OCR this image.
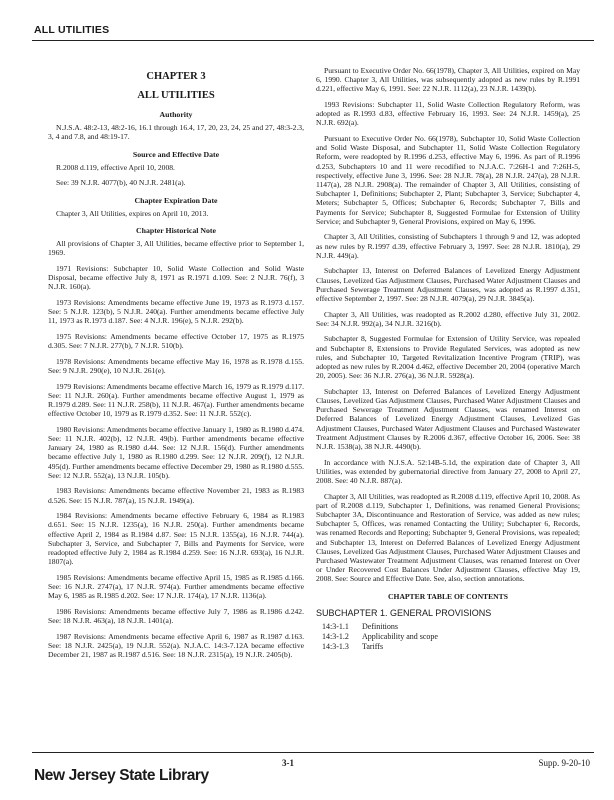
ALL UTILITIES
CHAPTER 3
ALL UTILITIES
Authority

N.J.S.A. 48:2-13, 48:2-16, 16.1 through 16.4, 17, 20, 23, 24, 25 and 27, 48:3-2.3, 3, 4 and 7.8, and 48:19-17.

Source and Effective Date

R.2008 d.119, effective April 10, 2008.

See: 39 N.J.R. 4077(b), 40 N.J.R. 2481(a).

Chapter Expiration Date

Chapter 3, All Utilities, expires on April 10, 2013.

Chapter Historical Note

All provisions of Chapter 3, All Utilities, became effective prior to September 1, 1969.

1971 Revisions: Subchapter 10, Solid Waste Collection and Solid Waste Disposal, became effective July 8, 1971 as R.1971 d.109. See: 2 N.J.R. 76(f), 3 N.J.R. 160(a).

1973 Revisions: Amendments became effective June 19, 1973 as R.1973 d.157. See: 5 N.J.R. 123(b), 5 N.J.R. 240(a). Further amendments became effective July 11, 1973 as R.1973 d.187. See: 4 N.J.R. 196(e), 5 N.J.R. 292(b).

1975 Revisions: Amendments became effective October 17, 1975 as R.1975 d.305. See: 7 N.J.R. 277(b), 7 N.J.R. 510(b).

1978 Revisions: Amendments became effective May 16, 1978 as R.1978 d.155. See: 9 N.J.R. 290(e), 10 N.J.R. 261(e).

1979 Revisions: Amendments became effective March 16, 1979 as R.1979 d.117. See: 11 N.J.R. 260(a). Further amendments became effective August 1, 1979 as R.1979 d.289. See: 11 N.J.R. 258(b), 11 N.J.R. 467(a). Further amendments became effective October 10, 1979 as R.1979 d.352. See: 11 N.J.R. 552(c).

1980 Revisions: Amendments became effective January 1, 1980 as R.1980 d.474. See: 11 N.J.R. 402(b), 12 N.J.R. 49(b). Further amendments became effective January 24, 1980 as R.1980 d.44. See: 12 N.J.R. 156(d). Further amendments became effective July 1, 1980 as R.1980 d.299. See: 12 N.J.R. 209(f), 12 N.J.R. 495(d). Further amendments became effective December 29, 1980 as R.1980 d.555. See: 12 N.J.R. 552(a), 13 N.J.R. 105(b).

1983 Revisions: Amendments became effective November 21, 1983 as R.1983 d.526. See: 15 N.J.R. 787(a), 15 N.J.R. 1949(a).

1984 Revisions: Amendments became effective February 6, 1984 as R.1983 d.651. See: 15 N.J.R. 1235(a), 16 N.J.R. 250(a). Further amendments became effective April 2, 1984 as R.1984 d.87. See: 15 N.J.R. 1355(a), 16 N.J.R. 744(a). Subchapter 3, Service, and Subchapter 7, Bills and Payments for Service, were readopted effective July 2, 1984 as R.1984 d.259. See: 16 N.J.R. 693(a), 16 N.J.R. 1807(a).

1985 Revisions: Amendments became effective April 15, 1985 as R.1985 d.166. See: 16 N.J.R. 2747(a), 17 N.J.R. 974(a). Further amendments became effective May 6, 1985 as R.1985 d.202. See: 17 N.J.R. 174(a), 17 N.J.R. 1136(a).

1986 Revisions: Amendments became effective July 7, 1986 as R.1986 d.242. See: 18 N.J.R. 463(a), 18 N.J.R. 1401(a).

1987 Revisions: Amendments became effective April 6, 1987 as R.1987 d.163. See: 18 N.J.R. 2425(a), 19 N.J.R. 552(a). N.J.A.C. 14:3-7.12A became effective December 21, 1987 as R.1987 d.516. See: 18 N.J.R. 2315(a), 19 N.J.R. 2405(b).

Pursuant to Executive Order No. 66(1978), Chapter 3, All Utilities, expired on May 6, 1990. Chapter 3, All Utilities, was subsequently adopted as new rules by R.1991 d.221, effective May 6, 1991. See: 22 N.J.R. 1112(a), 23 N.J.R. 1439(b).

1993 Revisions: Subchapter 11, Solid Waste Collection Regulatory Reform, was adopted as R.1993 d.83, effective February 16, 1993. See: 24 N.J.R. 1459(a), 25 N.J.R. 692(a).

Pursuant to Executive Order No. 66(1978), Subchapter 10, Solid Waste Collection and Solid Waste Disposal, and Subchapter 11, Solid Waste Collection Regulatory Reform, were readopted by R.1996 d.253, effective May 6, 1996. As part of R.1996 d.253, Subchapters 10 and 11 were recodified to N.J.A.C. 7:26H-1 and 7:26H-5, respectively, effective June 3, 1996. See: 28 N.J.R. 78(a), 28 N.J.R. 247(a), 28 N.J.R. 1147(a), 28 N.J.R. 2908(a). The remainder of Chapter 3, All Utilities, consisting of Subchapter 1, Definitions; Subchapter 2, Plant; Subchapter 3, Service; Subchapter 4, Meters; Subchapter 5, Offices; Subchapter 6, Records; Subchapter 7, Bills and Payments for Service; Subchapter 8, Suggested Formulae for Extension of Utility Service; and Subchapter 9, General Provisions, expired on May 6, 1996.

Chapter 3, All Utilities, consisting of Subchapters 1 through 9 and 12, was adopted as new rules by R.1997 d.39, effective February 3, 1997. See: 28 N.J.R. 1810(a), 29 N.J.R. 449(a).

Subchapter 13, Interest on Deferred Balances of Levelized Energy Adjustment Clauses, Levelized Gas Adjustment Clauses, Purchased Water Adjustment Clauses and Purchased Sewerage Treatment Adjustment Clauses, was adopted as R.1997 d.351, effective September 2, 1997. See: 28 N.J.R. 4079(a), 29 N.J.R. 3845(a).

Chapter 3, All Utilities, was readopted as R.2002 d.280, effective July 31, 2002. See: 34 N.J.R. 992(a), 34 N.J.R. 3216(b).

Subchapter 8, Suggested Formulae for Extension of Utility Service, was repealed and Subchapter 8, Extensions to Provide Regulated Services, was adopted as new rules, and Subchapter 10, Targeted Revitalization Incentive Program (TRIP), was adopted as new rules by R.2004 d.462, effective December 20, 2004 (operative March 20, 2005). See: 36 N.J.R. 276(a), 36 N.J.R. 5928(a).

Subchapter 13, Interest on Deferred Balances of Levelized Energy Adjustment Clauses, Levelized Gas Adjustment Clauses, Purchased Water Adjustment Clauses and Purchased Sewerage Treatment Adjustment Clauses, was renamed Interest on Deferred Balances of Levelized Energy Adjustment Clauses, Levelized Gas Adjustment Clauses, Purchased Water Adjustment Clauses and Purchased Wastewater Treatment Adjustment Clauses by R.2006 d.367, effective October 16, 2006. See: 38 N.J.R. 1538(a), 38 N.J.R. 4490(b).

In accordance with N.J.S.A. 52:14B-5.1d, the expiration date of Chapter 3, All Utilities, was extended by gubernatorial directive from January 27, 2008 to April 27, 2008. See: 40 N.J.R. 887(a).

Chapter 3, All Utilities, was readopted as R.2008 d.119, effective April 10, 2008. As part of R.2008 d.119, Subchapter 1, Definitions, was renamed General Provisions; Subchapter 3A, Discontinuance and Restoration of Service, was added as new rules; Subchapter 5, Offices, was renamed Contacting the Utility; Subchapter 6, Records, was renamed Records and Reporting; Subchapter 9, General Provisions, was repealed; and Subchapter 13, Interest on Deferred Balances of Levelized Energy Adjustment Clauses, Levelized Gas Adjustment Clauses, Purchased Water Adjustment Clauses and Purchased Wastewater Treatment Adjustment Clauses, was renamed Interest on Over or Under Recovered Cost Balances Under Adjustment Clauses, effective May 19, 2008. See: Source and Effective Date. See, also, section annotations.

CHAPTER TABLE OF CONTENTS
SUBCHAPTER 1. GENERAL PROVISIONS
14:3-1.1	Definitions
14:3-1.2	Applicability and scope
14:3-1.3	Tariffs
3-1	Supp. 9-20-10
New Jersey State Library
